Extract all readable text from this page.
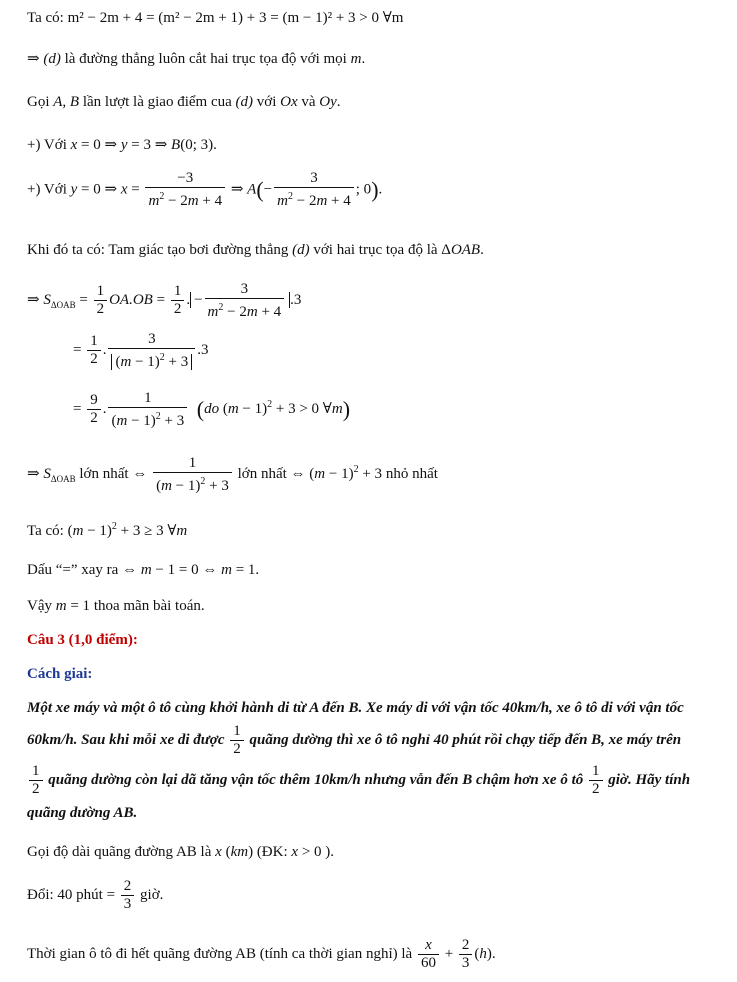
Ta có: m² − 2m + 4 = (m² − 2m + 1) + 3 = (m − 1)² + 3 > 0 ∀m
⇒ (d) là đường thẳng luôn cắt hai trục tọa độ với mọi m.
Gọi A, B lần lượt là giao điểm cua (d) với Ox và Oy.
+) Với x = 0 ⇒ y = 3 ⇒ B(0; 3).
+) Với y = 0 ⇒ $x = \frac{-3}{m^2 - 2m + 4}$ ⇒ $A(- \frac{3}{m^2 - 2m + 4}$ ; 0).
Khi đó ta có: Tam giác tạo bơi đường thẳng (d) với hai trục tọa độ là ΔOAB.
⇒ $S_{\Delta OAB} = \frac{1}{2} OA.OB = \frac{1}{2}$ . − $\frac{3}{m^2 - 2m + 4} .3$
= $\frac{1}{2}$ . $\frac{3}{(m - 1)^2 + 3} .3$
= $\frac{9}{2}$ . $\frac{1}{(m - 1)^2 + 3} (do$ $(m - 1)^2 + 3 > 0$ ∀m)
⇒ $S_{\Delta OAB}$ lớn nhất ⇔ $\frac{1}{(m - 1)^2 + 3}$ lớn nhất ⇔ $(m - 1)^2 + 3$ nhỏ nhất
Ta có: $(m - 1)^2 + 3 \ge 3$ ∀m
Dấu “=” xay ra ⇔ m − 1 = 0 ⇔ m = 1.
Vậy m = 1 thoa mãn bài toán.
Câu 3 (1,0 điểm):
Cách giai:
Một xe máy và một ô tô cùng khởi hành di từ A đến B. Xe máy di với vận tốc 40km/h, xe ô tô di với vận tốc
60km/h. Sau khi mỗi xe di được $\frac{1}{2}$ quãng dường thì xe ô tô nghỉ 40 phút rồi chạy tiếp đến B, xe máy trên
$\frac{1}{2}$ quãng dường còn lại dã tăng vận tốc thêm 10km/h nhưng vẫn đến B chậm hơn xe ô tô $\frac{1}{2}$ giờ. Hãy tính
quãng dường AB.
Gọi độ dài quãng đường AB là x (km) (ĐK: x > 0 ).
Đổi: 40 phút = $\frac{2}{3}$ giờ.
Thời gian ô tô đi hết quãng đường AB (tính ca thời gian nghỉ) là $\frac{x}{60} + \frac{2}{3} (h)$.
